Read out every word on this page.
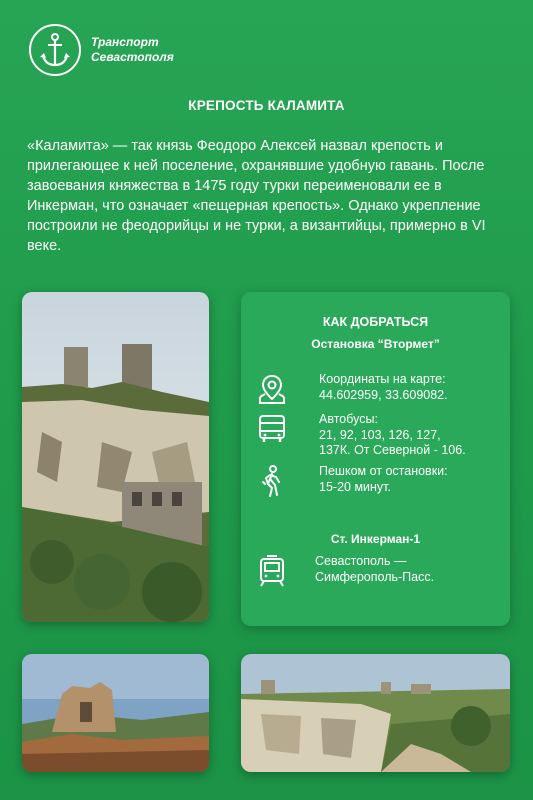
Транспорт
Севастополя
КРЕПОСТЬ КАЛАМИТА
«Каламита» — так князь Феодоро Алексей назвал крепость и прилегающее к ней поселение, охранявшие удобную гавань. После завоевания княжества в 1475 году турки переименовали ее в Инкерман, что означает «пещерная крепость». Однако укрепление построили не феодорийцы и не турки, а византийцы, примерно в VI веке.
КАК ДОБРАТЬСЯ
Остановка “Втормет”
Координаты на карте:
44.602959, 33.609082.
Автобусы:
21, 92, 103, 126, 127,
137К. От Северной - 106.
Пешком от остановки:
15-20 минут.
Ст. Инкерман-1
Севастополь —
Симферополь-Пасс.
